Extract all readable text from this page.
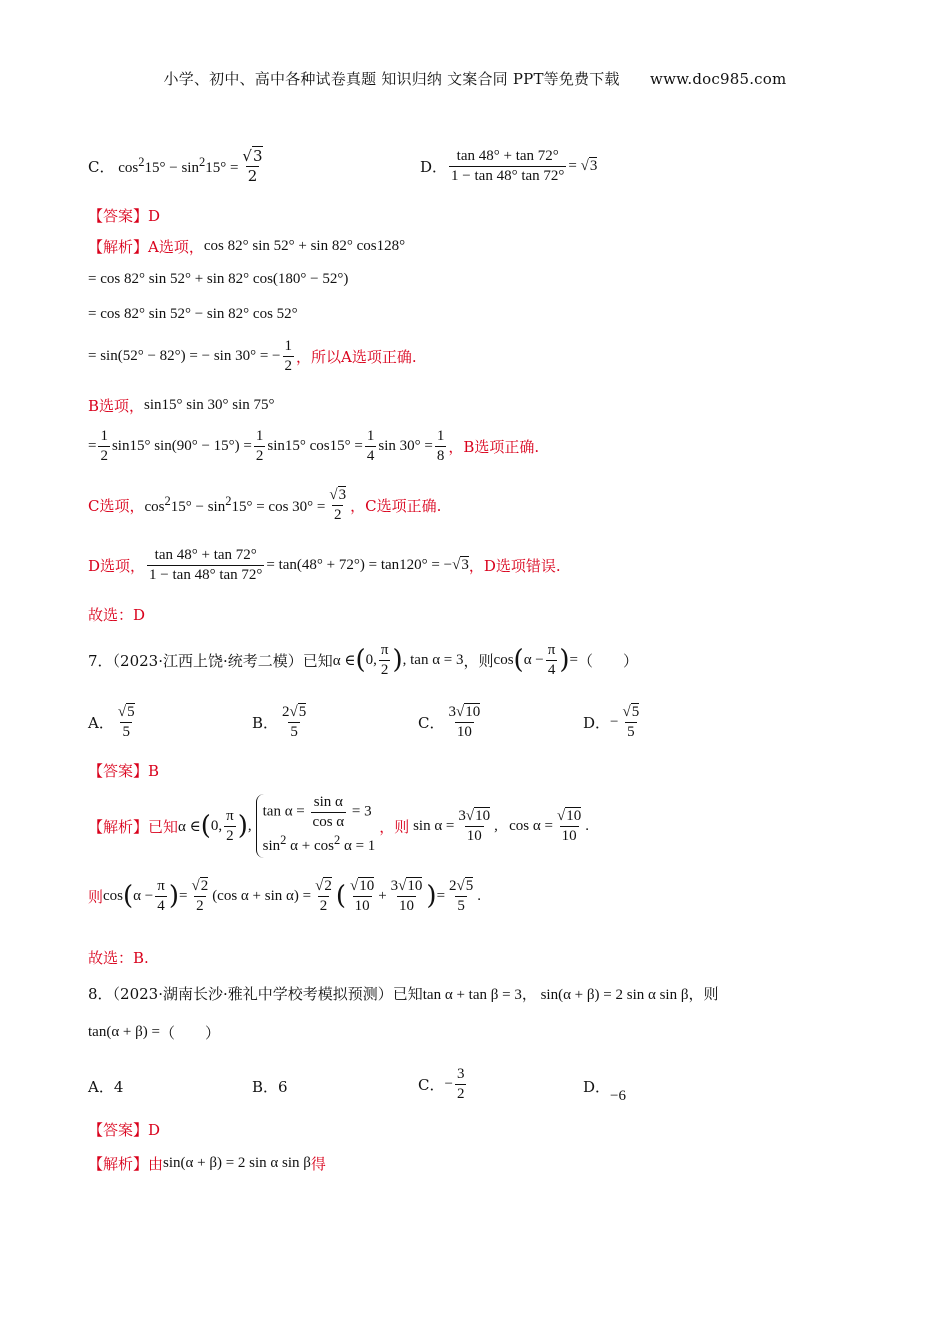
小学、初中、高中各种试卷真题 知识归纳 文案合同 PPT等免费下载　　www.doc985.com
C． $\cos^215^\circ - \sin^215^\circ = \frac{√3}{2}$	D． $\frac{\tan 48^\circ + \tan 72^\circ}{1 - \tan 48^\circ \tan 72^\circ} = √3$
【答案】D
【解析】 A选项， cos 82° sin 52° + sin 82° cos128°
= cos 82° sin 52° + sin 82° cos(180° − 52°)
= cos 82° sin 52° − sin 82° cos 52°
= sin(52° − 82°) = − sin 30° = − $\frac{1}{2}$ ，所以A选项正确.
B选项， sin15° sin 30° sin 75°
= $\frac{1}{2} \sin 15^\circ$ $\sin(90^\circ - 15^\circ) = \frac{1}{2} \sin 15^\circ$ $\cos 15^\circ = \frac{1}{4}$ $\sin 30^\circ = \frac{1}{8}$ ，B选项正确.
C选项， $\cos^215^\circ - \sin^215^\circ = \cos 30^\circ = \frac{√3}{2}$ ，C选项正确.
D选项， $\frac{\tan 48^\circ + \tan 72^\circ}{1 - \tan 48^\circ \tan 72^\circ} = \tan(48^\circ + 72^\circ) = \tan 120^\circ = -√3$ ，D选项错误.
故选：D
7．（2023·江西上饶·统考二模）已知 α ∈ ( 0, $\frac{\pi}{2}$ ) , tan α = 3 ，则 cos ( $\alpha - \frac{\pi}{4}$ ) = （　　）
A． $\frac{√5}{5}$	B． $\frac{2√5}{5}$	C． $\frac{3√10}{10}$	D． − $\frac{√5}{5}$
【答案】B
【解析】已知 α ∈ ( 0, $\frac{\pi}{2}$ ) ,
$\tan \alpha = \frac{\text{sin α}}{\text{cos α}} = 3$
$\sin^2 \alpha + \cos^2 \alpha = 1$
，则 $\sin \alpha = \frac{3√10}{10}$ ,   $\cos \alpha = \frac{√10}{10}$ .
则 cos ( $\alpha - \frac{\pi}{4}$ ) = $\frac{√2}{2} (\cos$ $\alpha + \sin \alpha) = \frac{√2}{2}$ ( $\frac{√10}{10} + \frac{3√10}{10}$ ) = $\frac{2√5}{5}$ .
故选：B.
8．（2023·湖南长沙·雅礼中学校考模拟预测）已知 tan α + tan β = 3， sin(α + β) = 2 sin α sin β ，则
tan(α + β) = （　　）
A．4	B．6	C． − $\frac{3}{2}$	D． −6
【答案】D
【解析】由 sin(α + β) = 2 sin α sin β 得
